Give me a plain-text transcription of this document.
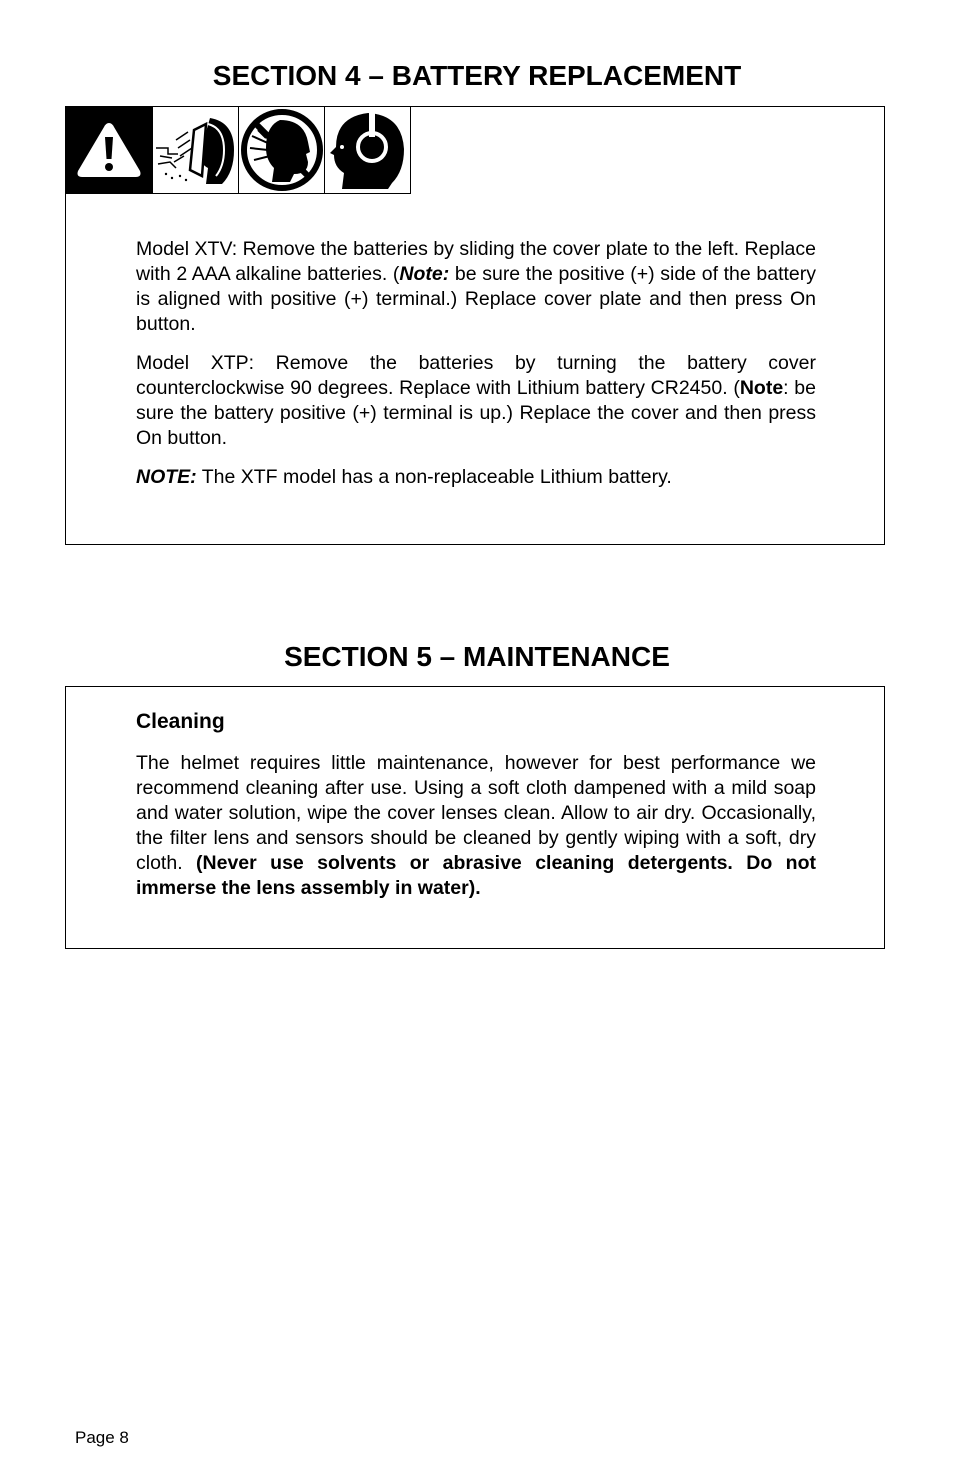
SECTION 4 – BATTERY REPLACEMENT

Model XTV: Remove the batteries by sliding the cover plate to the left. Replace with 2 AAA alkaline batteries. (Note: be sure the positive (+) side of the battery is aligned with positive (+) terminal.) Replace cover plate and then press On button.

Model XTP: Remove the batteries by turning the battery cover counterclockwise 90 degrees. Replace with Lithium battery CR2450. (Note: be sure the battery positive (+) terminal is up.) Replace the cover and then press On button.

NOTE: The XTF model has a non-replaceable Lithium battery.

SECTION 5 – MAINTENANCE
Cleaning

The helmet requires little maintenance, however for best performance we recommend cleaning after use. Using a soft cloth dampened with a mild soap and water solution, wipe the cover lenses clean. Allow to air dry. Occasionally, the filter lens and sensors should be cleaned by gently wiping with a soft, dry cloth. (Never use solvents or abrasive cleaning detergents. Do not immerse the lens assembly in water).

Page 8
